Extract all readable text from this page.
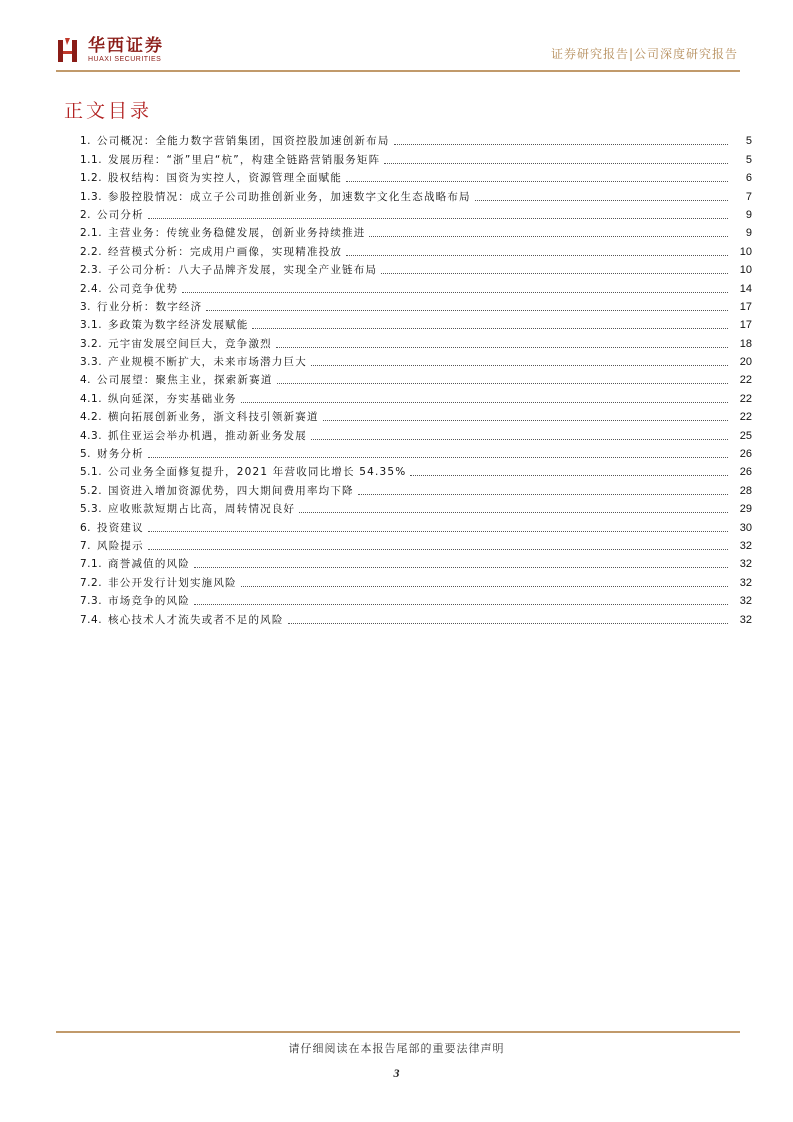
华西证券
HUAXI SECURITIES	证券研究报告|公司深度研究报告
正文目录
1. 公司概况：全能力数字营销集团，国资控股加速创新布局	5
1.1. 发展历程：“浙”里启“杭”，构建全链路营销服务矩阵	5
1.2. 股权结构：国资为实控人，资源管理全面赋能	6
1.3. 参股控股情况：成立子公司助推创新业务，加速数字文化生态战略布局	7
2. 公司分析	9
2.1. 主营业务：传统业务稳健发展，创新业务持续推进	9
2.2. 经营模式分析：完成用户画像，实现精准投放	10
2.3. 子公司分析：八大子品牌齐发展，实现全产业链布局	10
2.4. 公司竞争优势	14
3. 行业分析：数字经济	17
3.1. 多政策为数字经济发展赋能	17
3.2. 元宇宙发展空间巨大，竞争激烈	18
3.3. 产业规模不断扩大，未来市场潜力巨大	20
4. 公司展望：聚焦主业，探索新赛道	22
4.1. 纵向延深，夯实基础业务	22
4.2. 横向拓展创新业务，浙文科技引领新赛道	22
4.3. 抓住亚运会举办机遇，推动新业务发展	25
5. 财务分析	26
5.1. 公司业务全面修复提升，2021 年营收同比增长 54.35%	26
5.2. 国资进入增加资源优势，四大期间费用率均下降	28
5.3. 应收账款短期占比高，周转情况良好	29
6. 投资建议	30
7. 风险提示	32
7.1. 商誉减值的风险	32
7.2. 非公开发行计划实施风险	32
7.3. 市场竞争的风险	32
7.4. 核心技术人才流失或者不足的风险	32
请仔细阅读在本报告尾部的重要法律声明
3
